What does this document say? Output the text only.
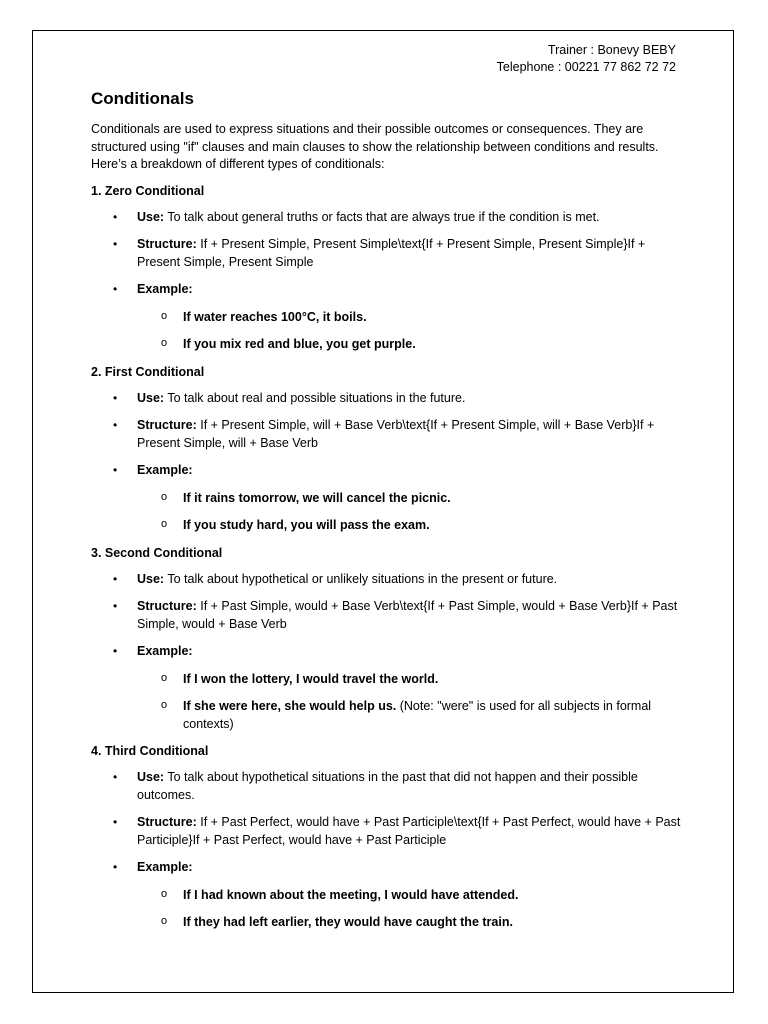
Trainer : Bonevy BEBY
Telephone : 00221 77 862 72 72
Conditionals

Conditionals are used to express situations and their possible outcomes or consequences. They are structured using "if" clauses and main clauses to show the relationship between conditions and results. Here’s a breakdown of different types of conditionals:

1. Zero Conditional
• Use: To talk about general truths or facts that are always true if the condition is met.
• Structure: If + Present Simple, Present Simple\text{If + Present Simple, Present Simple}If + Present Simple, Present Simple
• Example:
o If water reaches 100°C, it boils.
o If you mix red and blue, you get purple.
2. First Conditional
• Use: To talk about real and possible situations in the future.
• Structure: If + Present Simple, will + Base Verb\text{If + Present Simple, will + Base Verb}If + Present Simple, will + Base Verb
• Example:
o If it rains tomorrow, we will cancel the picnic.
o If you study hard, you will pass the exam.
3. Second Conditional
• Use: To talk about hypothetical or unlikely situations in the present or future.
• Structure: If + Past Simple, would + Base Verb\text{If + Past Simple, would + Base Verb}If + Past Simple, would + Base Verb
• Example:
o If I won the lottery, I would travel the world.
o If she were here, she would help us. (Note: "were" is used for all subjects in formal contexts)
4. Third Conditional
• Use: To talk about hypothetical situations in the past that did not happen and their possible outcomes.
• Structure: If + Past Perfect, would have + Past Participle\text{If + Past Perfect, would have + Past Participle}If + Past Perfect, would have + Past Participle
• Example:
o If I had known about the meeting, I would have attended.
o If they had left earlier, they would have caught the train.
